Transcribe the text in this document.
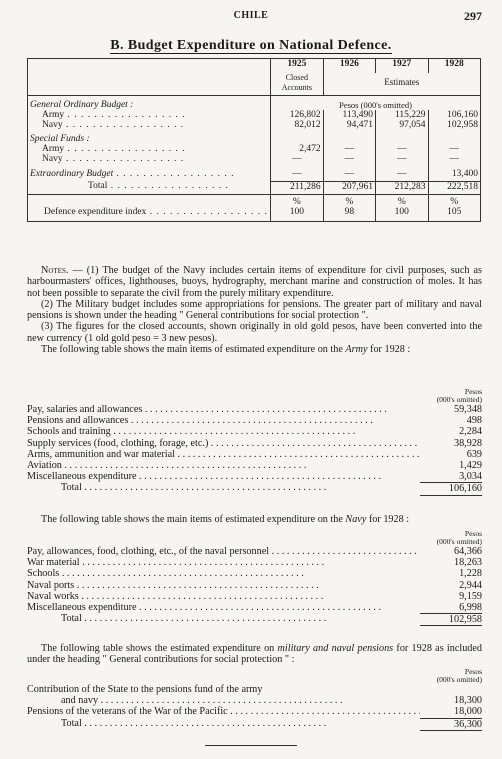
CHILE	297
B. Budget Expenditure on National Defence.
	1925	1926	1927	1928
	Closed Accounts	Estimates		
General Ordinary Budget :	Pesos (000's omitted)			
Army . . .	126,802	113,490	115,229	106,160
Navy . . .	82,012	94,471	97,054	102,958
Special Funds :				
Army . . .	2,472	—	—	—
Navy . . .	—	—	—	—
Extraordinary Budget . . .	—	—	—	13,400
Total . . .	211,286	207,961	212,283	222,518
	%	%	%	%
Defence expenditure index . . .	100	98	100	105

Notes. — (1) The budget of the Navy includes certain items of expenditure for civil purposes, such as harbourmasters' offices, lighthouses, buoys, hydrography, merchant marine and construction of moles. It has not been possible to separate the civil from the purely military expenditure.

(2) The Military budget includes some appropriations for pensions. The greater part of military and naval pensions is shown under the heading " General contributions for social protection ".

(3) The figures for the closed accounts, shown originally in old gold pesos, have been converted into the new currency (1 old gold peso = 3 new pesos).

The following table shows the main items of estimated expenditure on the Army for 1928 :

Pesos
(000's omitted)
Pay, salaries and allowances . . .	59,348
Pensions and allowances . . .	498
Schools and training . . .	2,284
Supply services (food, clothing, forage, etc.) . . .	38,928
Arms, ammunition and war material . . .	639
Aviation . . .	1,429
Miscellaneous expenditure . . .	3,034
Total . . .	106,160
The following table shows the main items of estimated expenditure on the Navy for 1928 :
Pesos
(000's omitted)
Pay, allowances, food, clothing, etc., of the naval personnel . . .	64,366
War material . . .	18,263
Schools . . .	1,228
Naval ports . . .	2,944
Naval works . . .	9,159
Miscellaneous expenditure . . .	6,998
Total . . .	102,958
The following table shows the estimated expenditure on military and naval pensions for 1928 as included under the heading " General contributions for social protection " :
Pesos
(000's omitted)
Contribution of the State to the pensions fund of the army
and navy . . .	18,300
Pensions of the veterans of the War of the Pacific . . .	18,000
Total . . .	36,300
